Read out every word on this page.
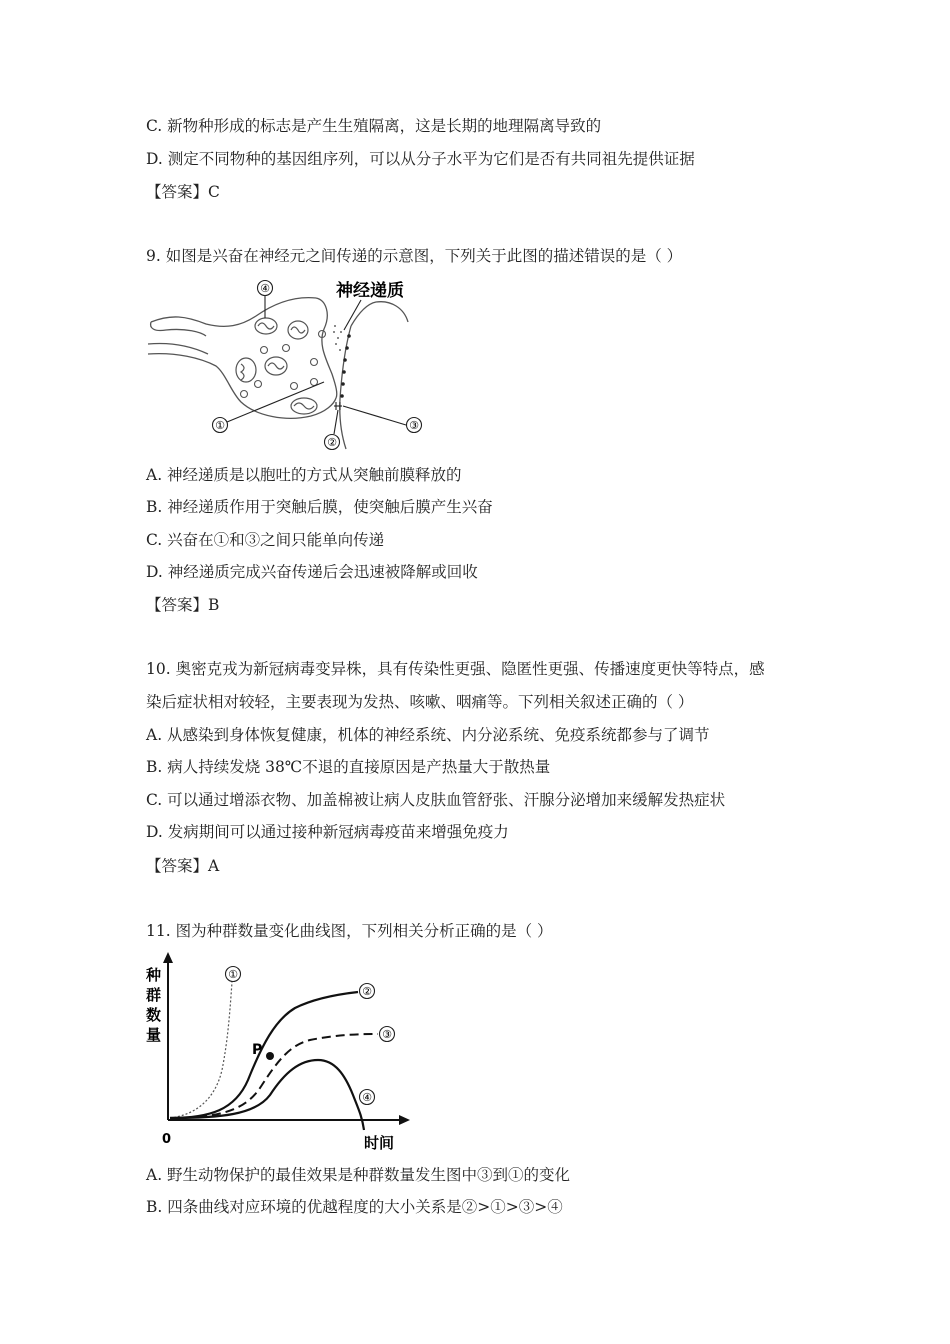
C. 新物种形成的标志是产生生殖隔离，这是长期的地理隔离导致的
D. 测定不同物种的基因组序列，可以从分子水平为它们是否有共同祖先提供证据
【答案】C
9. 如图是兴奋在神经元之间传递的示意图，下列关于此图的描述错误的是（ ）
④	神经递质
①
②
③
A. 神经递质是以胞吐的方式从突触前膜释放的
B. 神经递质作用于突触后膜，使突触后膜产生兴奋
C. 兴奋在①和③之间只能单向传递
D. 神经递质完成兴奋传递后会迅速被降解或回收
【答案】B
10. 奥密克戎为新冠病毒变异株，具有传染性更强、隐匿性更强、传播速度更快等特点，感
染后症状相对较轻，主要表现为发热、咳嗽、咽痛等。下列相关叙述正确的（ ）
A. 从感染到身体恢复健康，机体的神经系统、内分泌系统、免疫系统都参与了调节
B. 病人持续发烧 38℃不退的直接原因是产热量大于散热量
C. 可以通过增添衣物、加盖棉被让病人皮肤血管舒张、汗腺分泌增加来缓解发热症状
D. 发病期间可以通过接种新冠病毒疫苗来增强免疫力
【答案】A
11. 图为种群数量变化曲线图，下列相关分析正确的是（ ）
种 群 数 量
时间
0
①
②
P
③
④
A. 野生动物保护的最佳效果是种群数量发生图中③到①的变化
B. 四条曲线对应环境的优越程度的大小关系是②>①>③>④
